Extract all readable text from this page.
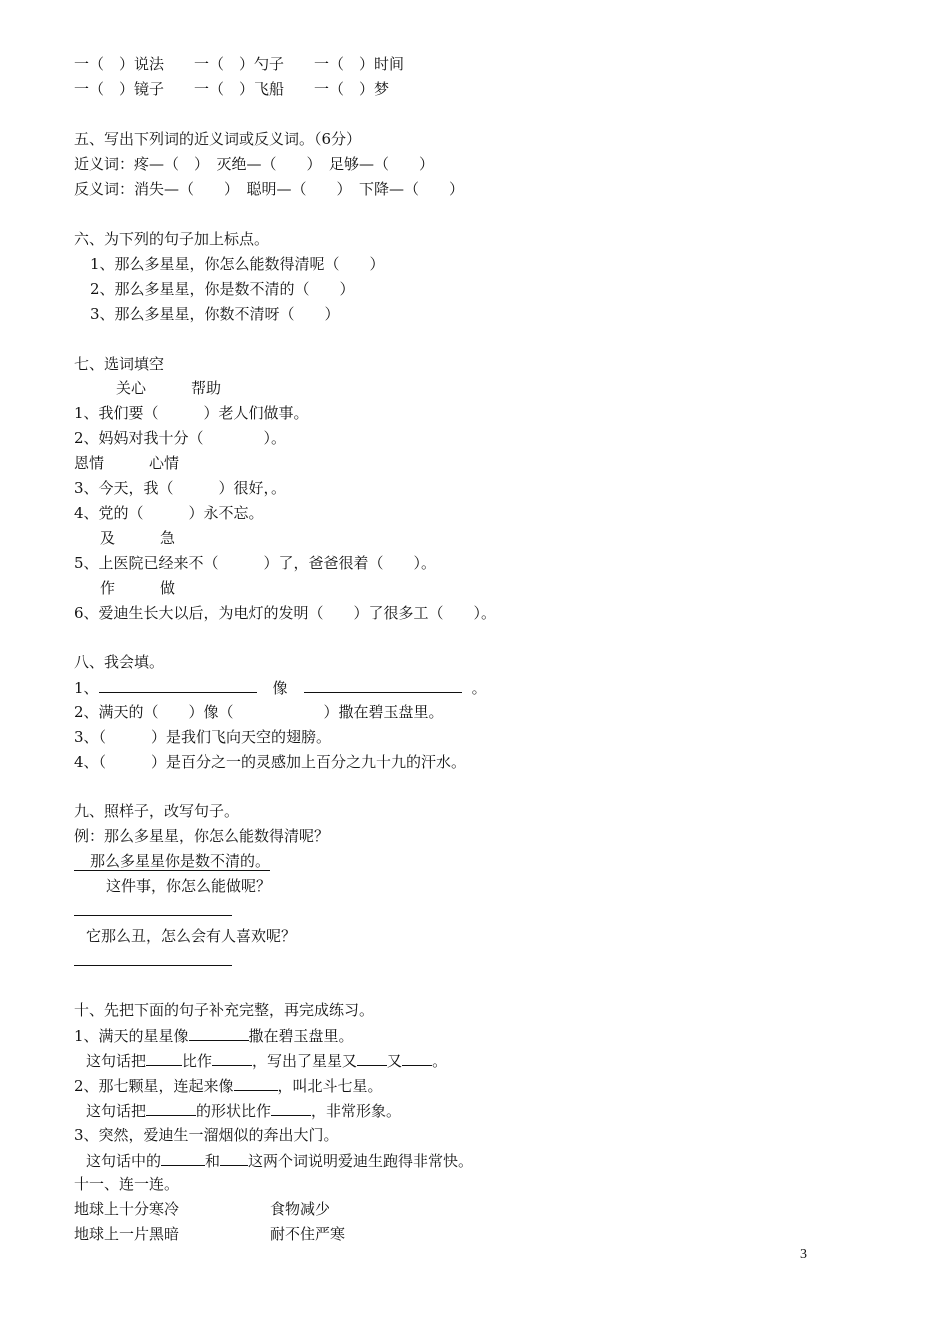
一（　）说法　　一（　）勺子　　一（　）时间
一（　）镜子　　一（　）飞船　　一（　）梦
五、写出下列词的近义词或反义词。（6分）
近义词：疼—（　）　灭绝—（　　）　足够—（　　）
反义词：消失—（　　）　聪明—（　　）　下降—（　　）
六、为下列的句子加上标点。
1、那么多星星，你怎么能数得清呢（　　）
2、那么多星星，你是数不清的（　　）
3、那么多星星，你数不清呀（　　）
七、选词填空
关心　　　帮助
1、我们要（　　　）老人们做事。
2、妈妈对我十分（　　　　）。
恩情　　　心情
3、今天，我（　　　）很好，。
4、党的（　　　）永不忘。
及　　　急
5、上医院已经来不（　　　）了，爸爸很着（　　）。
作　　　做
6、爱迪生长大以后，为电灯的发明（　　）了很多工（　　）。
八、我会填。
1、	像	。
2、满天的（　　）像（　　　　　　）撒在碧玉盘里。
3、（　　　）是我们飞向天空的翅膀。
4、（　　　）是百分之一的灵感加上百分之九十九的汗水。
九、照样子，改写句子。
例：那么多星星，你怎么能数得清呢？
那么多星星你是数不清的。
这件事，你怎么能做呢？
它那么丑，怎么会有人喜欢呢？
十、先把下面的句子补充完整，再完成练习。
1、满天的星星像	撒在碧玉盘里。
这句话把 比作	，写出了星星又 又 。
2、那七颗星，连起来像	，叫北斗七星。
这句话把	的形状比作	，非常形象。
3、突然，爱迪生一溜烟似的奔出大门。
这句话中的	和 这两个词说明爱迪生跑得非常快。
十一、连一连。
地球上十分寒冷	食物减少
地球上一片黑暗	耐不住严寒
3
